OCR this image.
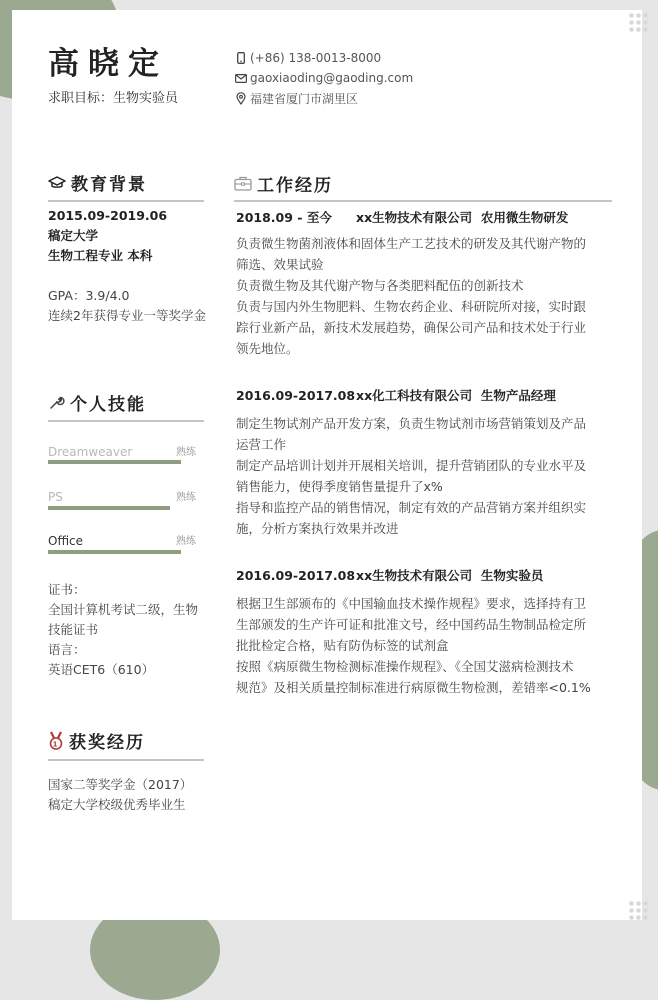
高晓定
求职目标：生物实验员
(+86) 138-0013-8000
gaoxiaoding@gaoding.com
福建省厦门市湖里区
教育背景
2015.09-2019.06
稿定大学
生物工程专业 本科
GPA：3.9/4.0
连续2年获得专业一等奖学金
个人技能
Dreamweaver	熟练
PS	熟练
Office	熟练
证书：
全国计算机考试二级，生物
技能证书
语言：
英语CET6（610）
1 获奖经历
国家二等奖学金（2017）
稿定大学校级优秀毕业生
工作经历
2018.09 - 至今 xx生物技术有限公司 农用微生物研发
负责微生物菌剂液体和固体生产工艺技术的研发及其代谢产物的
筛选、效果试验
负责微生物及其代谢产物与各类肥料配伍的创新技术
负责与国内外生物肥料、生物农药企业、科研院所对接，实时跟
踪行业新产品，新技术发展趋势，确保公司产品和技术处于行业
领先地位。
2016.09-2017.08xx化工科技有限公司 生物产品经理
制定生物试剂产品开发方案，负责生物试剂市场营销策划及产品
运营工作
制定产品培训计划并开展相关培训，提升营销团队的专业水平及
销售能力，使得季度销售量提升了x%
指导和监控产品的销售情况，制定有效的产品营销方案并组织实
施，分析方案执行效果并改进
2016.09-2017.08xx生物技术有限公司 生物实验员
根据卫生部颁布的《中国输血技术操作规程》要求，选择持有卫
生部颁发的生产许可证和批准文号，经中国药品生物制品检定所
批批检定合格，贴有防伪标签的试剂盒
按照《病原微生物检测标准操作规程》、《全国艾滋病检测技术
规范》及相关质量控制标准进行病原微生物检测，差错率<0.1%
